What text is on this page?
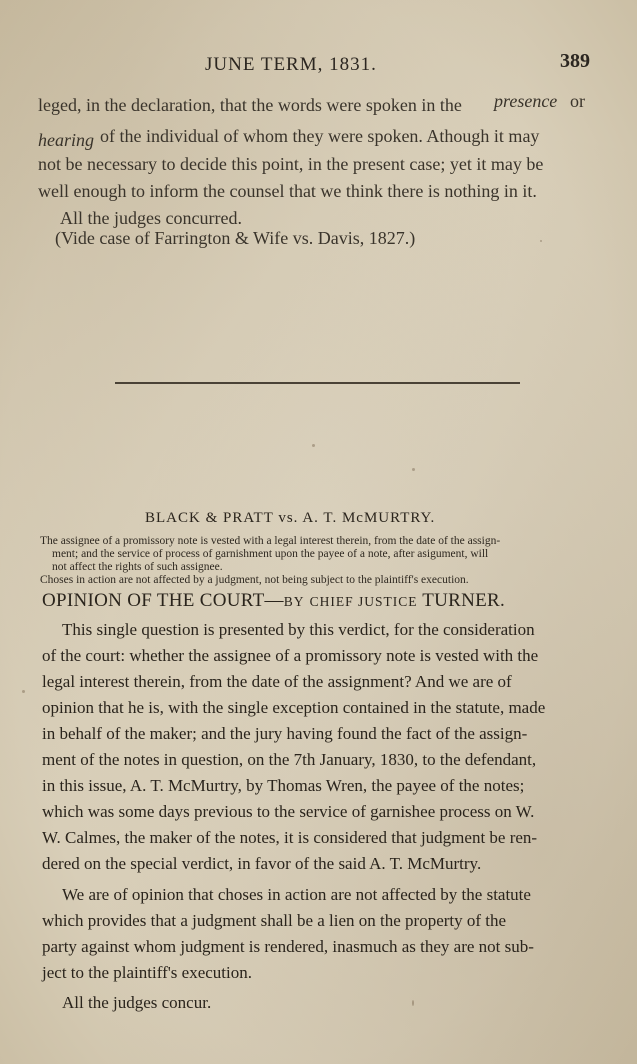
JUNE TERM, 1831.	389
leged, in the declaration, that the words were spoken in the presence or
hearing of the individual of whom they were spoken. Athough it may
not be necessary to decide this point, in the present case; yet it may be
well enough to inform the counsel that we think there is nothing in it.
All the judges concurred.
(Vide case of Farrington & Wife vs. Davis, 1827.)
BLACK & PRATT vs. A. T. McMURTRY.
The assignee of a promissory note is vested with a legal interest therein, from the date of the assign-
ment; and the service of process of garnishment upon the payee of a note, after asigument, will
not affect the rights of such assignee.
Choses in action are not affected by a judgment, not being subject to the plaintiff's execution.
OPINION OF THE COURT—BY CHIEF JUSTICE TURNER.
This single question is presented by this verdict, for the consideration
of the court: whether the assignee of a promissory note is vested with the
legal interest therein, from the date of the assignment? And we are of
opinion that he is, with the single exception contained in the statute, made
in behalf of the maker; and the jury having found the fact of the assign-
ment of the notes in question, on the 7th January, 1830, to the defendant,
in this issue, A. T. McMurtry, by Thomas Wren, the payee of the notes;
which was some days previous to the service of garnishee process on W.
W. Calmes, the maker of the notes, it is considered that judgment be ren-
dered on the special verdict, in favor of the said A. T. McMurtry.
We are of opinion that choses in action are not affected by the statute
which provides that a judgment shall be a lien on the property of the
party against whom judgment is rendered, inasmuch as they are not sub-
ject to the plaintiff's execution.
All the judges concur.
